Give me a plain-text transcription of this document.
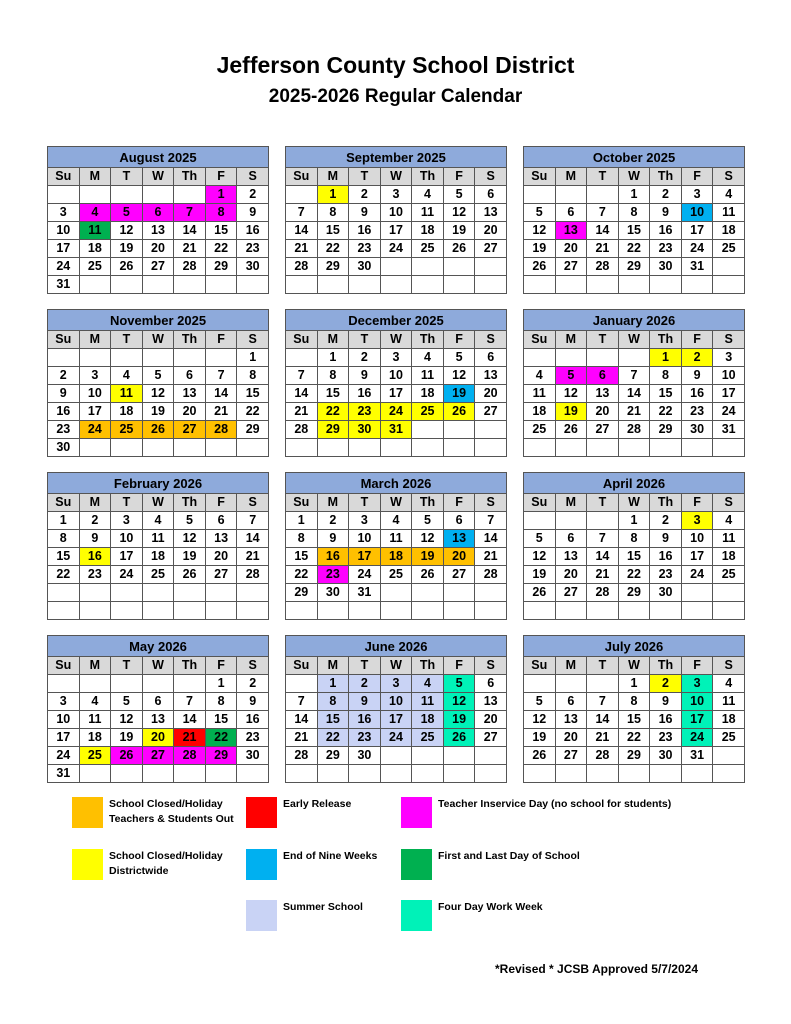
Jefferson County School District
2025-2026 Regular Calendar
August 2025						
Su	M	T	W	Th	F	S
					1	2
3	4	5	6	7	8	9
10	11	12	13	14	15	16
17	18	19	20	21	22	23
24	25	26	27	28	29	30
31						
September 2025						
Su	M	T	W	Th	F	S
	1	2	3	4	5	6
7	8	9	10	11	12	13
14	15	16	17	18	19	20
21	22	23	24	25	26	27
28	29	30				

October 2025						
Su	M	T	W	Th	F	S
			1	2	3	4
5	6	7	8	9	10	11
12	13	14	15	16	17	18
19	20	21	22	23	24	25
26	27	28	29	30	31	

November 2025						
Su	M	T	W	Th	F	S
						1
2	3	4	5	6	7	8
9	10	11	12	13	14	15
16	17	18	19	20	21	22
23	24	25	26	27	28	29
30						
December 2025						
Su	M	T	W	Th	F	S
	1	2	3	4	5	6
7	8	9	10	11	12	13
14	15	16	17	18	19	20
21	22	23	24	25	26	27
28	29	30	31			

January 2026						
Su	M	T	W	Th	F	S
				1	2	3
4	5	6	7	8	9	10
11	12	13	14	15	16	17
18	19	20	21	22	23	24
25	26	27	28	29	30	31

February 2026						
Su	M	T	W	Th	F	S
1	2	3	4	5	6	7
8	9	10	11	12	13	14
15	16	17	18	19	20	21
22	23	24	25	26	27	28

March 2026						
Su	M	T	W	Th	F	S
1	2	3	4	5	6	7
8	9	10	11	12	13	14
15	16	17	18	19	20	21
22	23	24	25	26	27	28
29	30	31				

April 2026						
Su	M	T	W	Th	F	S
			1	2	3	4
5	6	7	8	9	10	11
12	13	14	15	16	17	18
19	20	21	22	23	24	25
26	27	28	29	30		

May 2026						
Su	M	T	W	Th	F	S
					1	2
3	4	5	6	7	8	9
10	11	12	13	14	15	16
17	18	19	20	21	22	23
24	25	26	27	28	29	30
31						
June 2026						
Su	M	T	W	Th	F	S
	1	2	3	4	5	6
7	8	9	10	11	12	13
14	15	16	17	18	19	20
21	22	23	24	25	26	27
28	29	30				

July 2026						
Su	M	T	W	Th	F	S
			1	2	3	4
5	6	7	8	9	10	11
12	13	14	15	16	17	18
19	20	21	22	23	24	25
26	27	28	29	30	31	

School Closed/Holiday
Teachers & Students Out
Early Release	Teacher Inservice Day (no school for students)
School Closed/Holiday
Districtwide
End of Nine Weeks	First and Last Day of School
Summer School	Four Day Work Week
*Revised * JCSB Approved 5/7/2024
